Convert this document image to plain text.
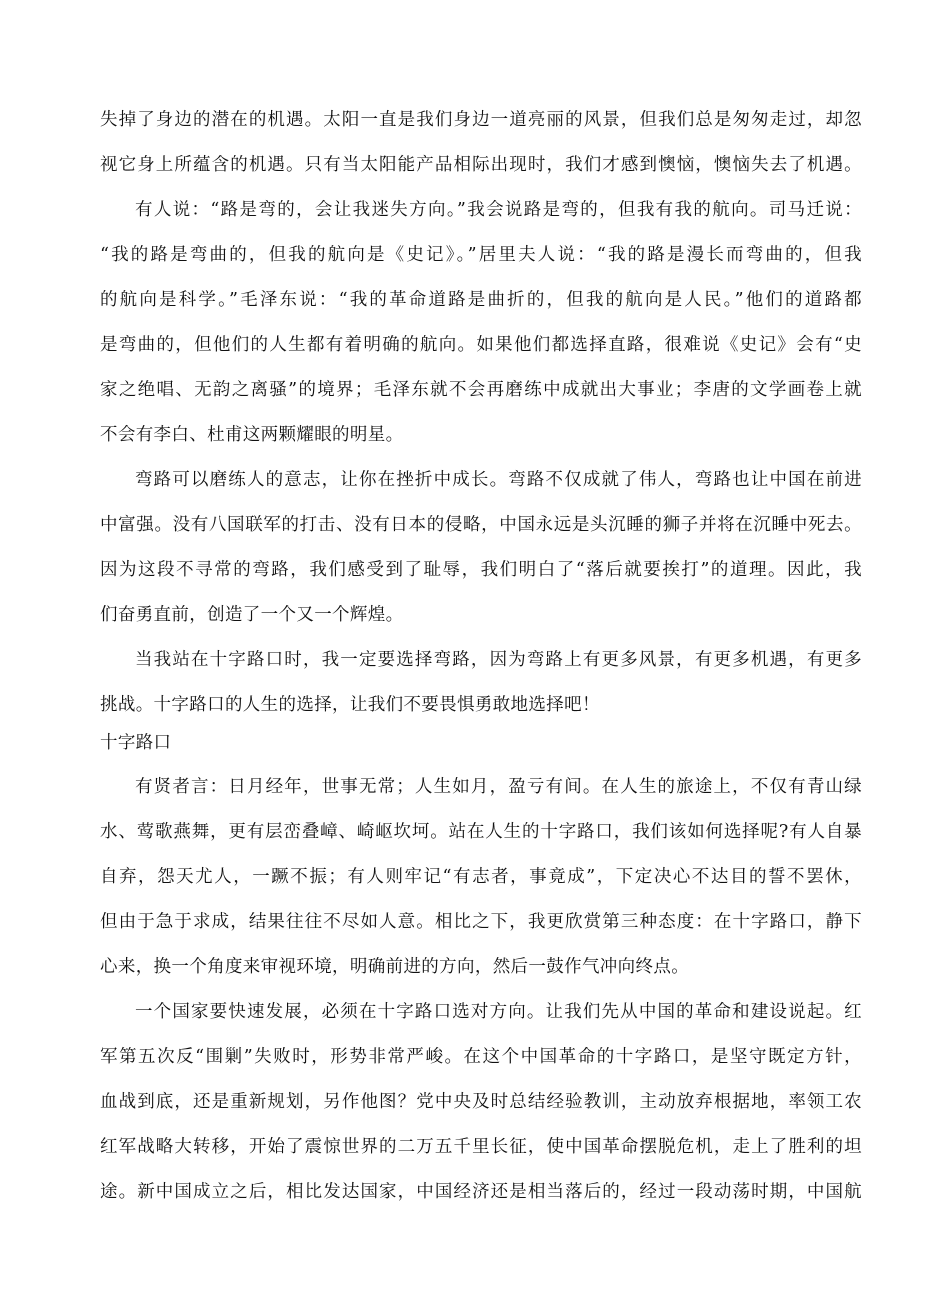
失掉了身边的潜在的机遇。太阳一直是我们身边一道亮丽的风景，但我们总是匆匆走过，却忽

视它身上所蕴含的机遇。只有当太阳能产品相际出现时，我们才感到懊恼，懊恼失去了机遇。

有人说：“路是弯的，会让我迷失方向。”我会说路是弯的，但我有我的航向。司马迁说：

“我的路是弯曲的，但我的航向是《史记》。”居里夫人说：“我的路是漫长而弯曲的，但我

的航向是科学。”毛泽东说：“我的革命道路是曲折的，但我的航向是人民。”他们的道路都

是弯曲的，但他们的人生都有着明确的航向。如果他们都选择直路，很难说《史记》会有“史

家之绝唱、无韵之离骚”的境界；毛泽东就不会再磨练中成就出大事业；李唐的文学画卷上就

不会有李白、杜甫这两颗耀眼的明星。

弯路可以磨练人的意志，让你在挫折中成长。弯路不仅成就了伟人，弯路也让中国在前进

中富强。没有八国联军的打击、没有日本的侵略，中国永远是头沉睡的狮子并将在沉睡中死去。

因为这段不寻常的弯路，我们感受到了耻辱，我们明白了“落后就要挨打”的道理。因此，我

们奋勇直前，创造了一个又一个辉煌。

当我站在十字路口时，我一定要选择弯路，因为弯路上有更多风景，有更多机遇，有更多

挑战。十字路口的人生的选择，让我们不要畏惧勇敢地选择吧！

十字路口

有贤者言：日月经年，世事无常；人生如月，盈亏有间。在人生的旅途上，不仅有青山绿

水、莺歌燕舞，更有层峦叠嶂、崎岖坎坷。站在人生的十字路口，我们该如何选择呢?有人自暴

自弃，怨天尤人，一蹶不振；有人则牢记“有志者，事竟成”，下定决心不达目的誓不罢休，

但由于急于求成，结果往往不尽如人意。相比之下，我更欣赏第三种态度：在十字路口，静下

心来，换一个角度来审视环境，明确前进的方向，然后一鼓作气冲向终点。

一个国家要快速发展，必须在十字路口选对方向。让我们先从中国的革命和建设说起。红

军第五次反“围剿”失败时，形势非常严峻。在这个中国革命的十字路口，是坚守既定方针，

血战到底，还是重新规划，另作他图？党中央及时总结经验教训，主动放弃根据地，率领工农

红军战略大转移，开始了震惊世界的二万五千里长征，使中国革命摆脱危机，走上了胜利的坦

途。新中国成立之后，相比发达国家，中国经济还是相当落后的，经过一段动荡时期，中国航
